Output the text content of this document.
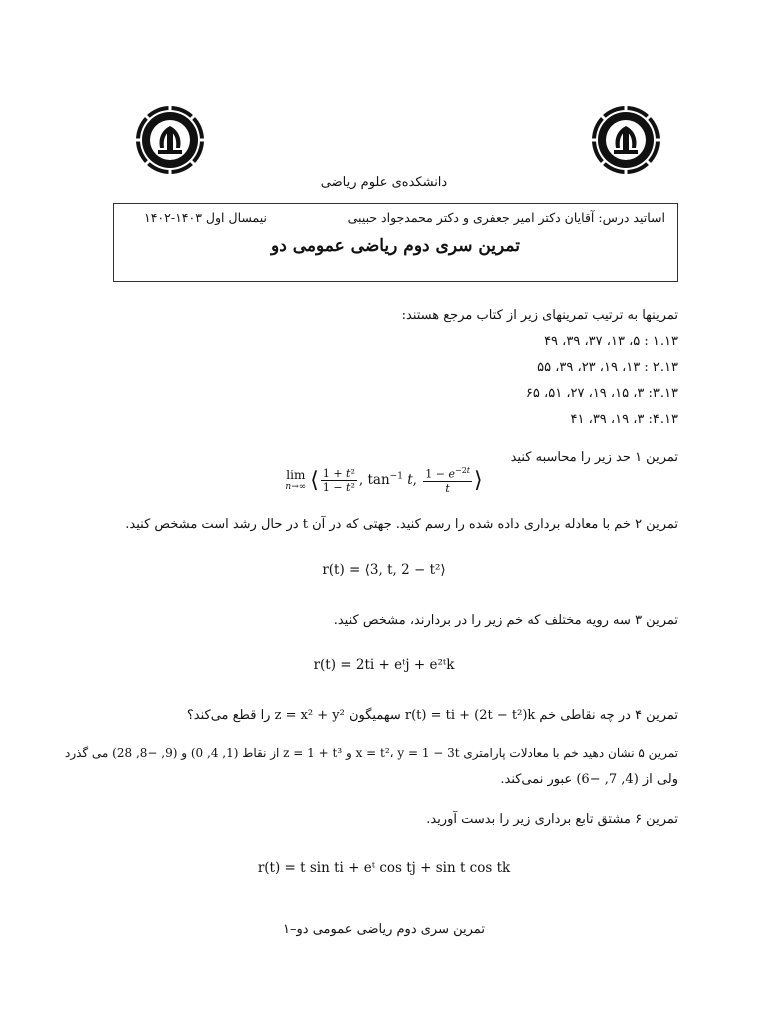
دانشکده‌ی علوم ریاضی
اساتید درس: آقایان دکتر امیر جعفری و دکتر محمدجواد حبیبی
نیمسال اول ۱۴۰۳-۱۴۰۲
تمرین سری دوم ریاضی عمومی دو
تمرینها به ترتیب تمرینهای زیر از کتاب مرجع هستند:
۱.۱۳ : ۵، ۱۳، ۳۷، ۳۹، ۴۹
۲.۱۳ : ۱۳، ۱۹، ۲۳، ۳۹، ۵۵
۳.۱۳: ۳، ۱۵، ۱۹، ۲۷، ۵۱، ۶۵
۴.۱۳: ۳، ۱۹، ۳۹، ۴۱
تمرین ۱ حد زیر را محاسبه کنید
lim
n→∞ ⟨ $\frac{\text{1 + t²}}{\text{1 − t²}}$ , $\tan^{-1} t$, $\frac{1 - e^{-2t}}{t}$ ⟩
تمرین ۲ خم با معادله برداری داده شده را رسم کنید. جهتی که در آن t در حال رشد است مشخص کنید.
r(t) = ⟨3, t, 2 − t²⟩
تمرین ۳ سه رویه مختلف که خم زیر را در بردارند، مشخص کنید.
r(t) = 2ti + eᵗj + e²ᵗk
تمرین ۴ در چه نقاطی خم r(t) = ti + (2t − t²)k سهمیگون z = x² + y² را قطع می‌کند؟
تمرین ۵ نشان دهید خم با معادلات پارامتری x = t²، y = 1 − 3t و z = 1 + t³ از نقاط (1, 4, 0) و (9, −8, 28) می گذرد
ولی از (4, 7, −6) عبور نمی‌کند.
تمرین ۶ مشتق تابع برداری زیر را بدست آورید.
r(t) = t sin ti + eᵗ cos tj + sin t cos tk
تمرین سری دوم ریاضی عمومی دو–۱
